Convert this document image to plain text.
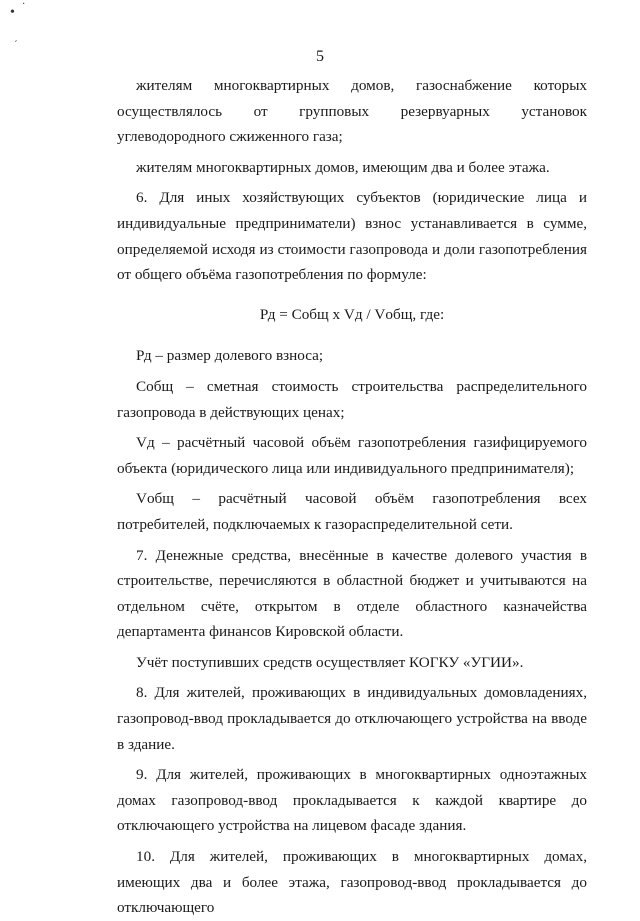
•
·
ˊ
5

жителям многоквартирных домов, газоснабжение которых осуществлялось от групповых резервуарных установок углеводородного сжиженного газа;

жителям многоквартирных домов, имеющим два и более этажа.

6. Для иных хозяйствующих субъектов (юридические лица и индивидуальные предприниматели) взнос устанавливается в сумме, определяемой исходя из стоимости газопровода и доли газопотребления от общего объёма газопотребления по формуле:

Рд = Собщ х Vд / Vобщ, где:

Рд – размер долевого взноса;

Собщ – сметная стоимость строительства распределительного газопровода в действующих ценах;

Vд – расчётный часовой объём газопотребления газифицируемого объекта (юридического лица или индивидуального предпринимателя);

Vобщ – расчётный часовой объём газопотребления всех потребителей, подключаемых к газораспределительной сети.

7. Денежные средства, внесённые в качестве долевого участия в строительстве, перечисляются в областной бюджет и учитываются на отдельном счёте, открытом в отделе областного казначейства департамента финансов Кировской области.

Учёт поступивших средств осуществляет КОГКУ «УГИИ».

8. Для жителей, проживающих в индивидуальных домовладениях, газопровод-ввод прокладывается до отключающего устройства на вводе в здание.

9. Для жителей, проживающих в многоквартирных одноэтажных домах газопровод-ввод прокладывается к каждой квартире до отключающего устройства на лицевом фасаде здания.

10. Для жителей, проживающих в многоквартирных домах, имеющих два и более этажа, газопровод-ввод прокладывается до отключающего
